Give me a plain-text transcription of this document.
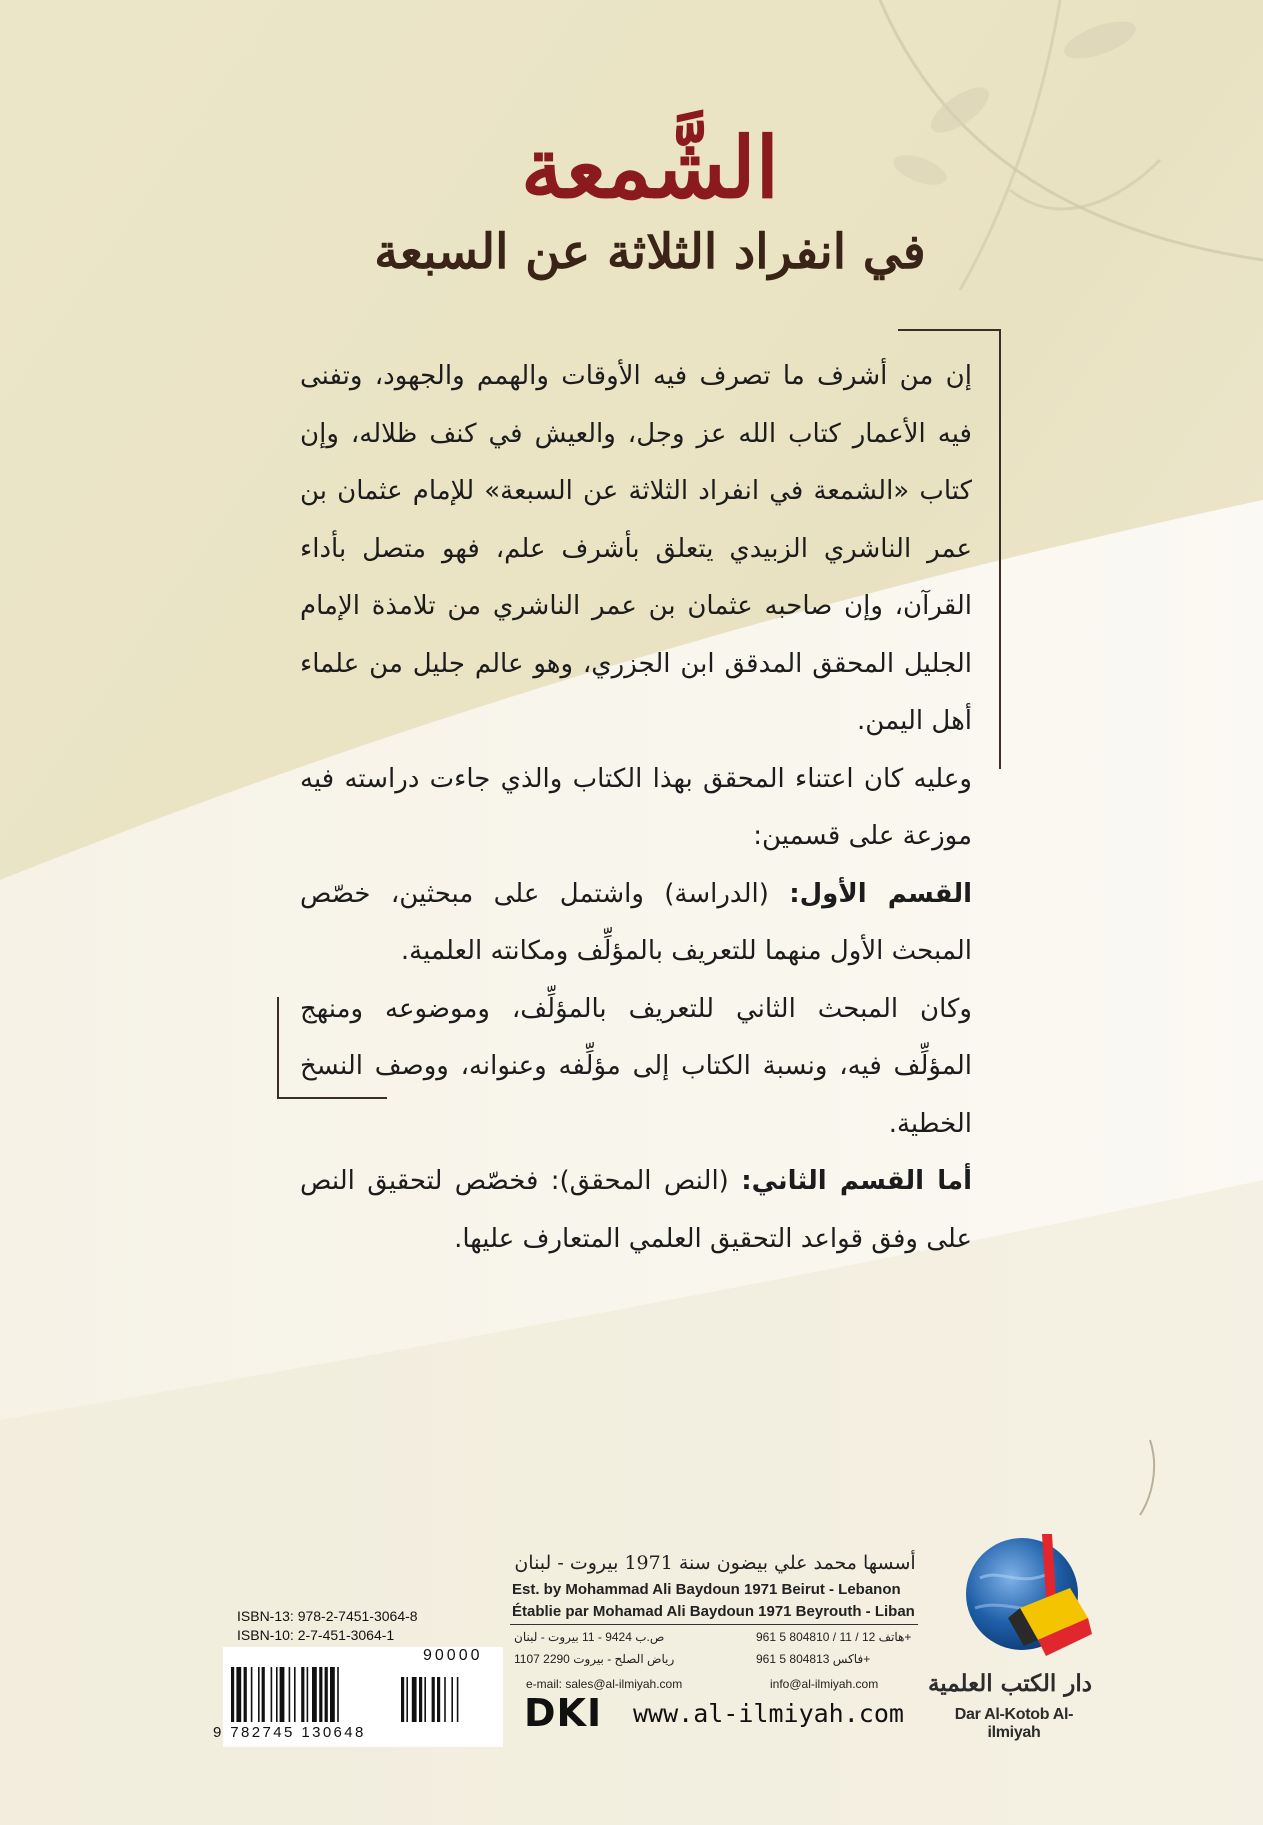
الشَّمعة
في انفراد الثلاثة عن السبعة

إن من أشرف ما تصرف فيه الأوقات والهمم والجهود، وتفنى فيه الأعمار كتاب الله عز وجل، والعيش في كنف ظلاله، وإن كتاب «الشمعة في انفراد الثلاثة عن السبعة» للإمام عثمان بن عمر الناشري الزبيدي يتعلق بأشرف علم، فهو متصل بأداء القرآن، وإن صاحبه عثمان بن عمر الناشري من تلامذة الإمام الجليل المحقق المدقق ابن الجزري، وهو عالم جليل من علماء أهل اليمن.

وعليه كان اعتناء المحقق بهذا الكتاب والذي جاءت دراسته فيه موزعة على قسمين:

القسم الأول: (الدراسة) واشتمل على مبحثين، خصّص المبحث الأول منهما للتعريف بالمؤلِّف ومكانته العلمية.

وكان المبحث الثاني للتعريف بالمؤلِّف، وموضوعه ومنهج المؤلِّف فيه، ونسبة الكتاب إلى مؤلِّفه وعنوانه، ووصف النسخ الخطية.

أما القسم الثاني: (النص المحقق): فخصّص لتحقيق النص على وفق قواعد التحقيق العلمي المتعارف عليها.

أسسها محمد علي بيضون سنة 1971 بيروت - لبنان
Est. by Mohammad Ali Baydoun 1971 Beirut - Lebanon
Établie par Mohamad Ali Baydoun 1971 Beyrouth - Liban
هاتف 12 / 11 / 804810 5 961+
فاكس 804813 5 961+
ص.ب 9424 - 11 بيروت - لبنان
رياض الصلح - بيروت 2290 1107
e-mail: sales@al-ilmiyah.com	info@al-ilmiyah.com
DKI www.al-ilmiyah.com
دار الكتب العلمية
Dar Al-Kotob Al-ilmiyah
ISBN-13: 978-2-7451-3064-8
ISBN-10: 2-7-451-3064-1
90000
9 782745 130648
